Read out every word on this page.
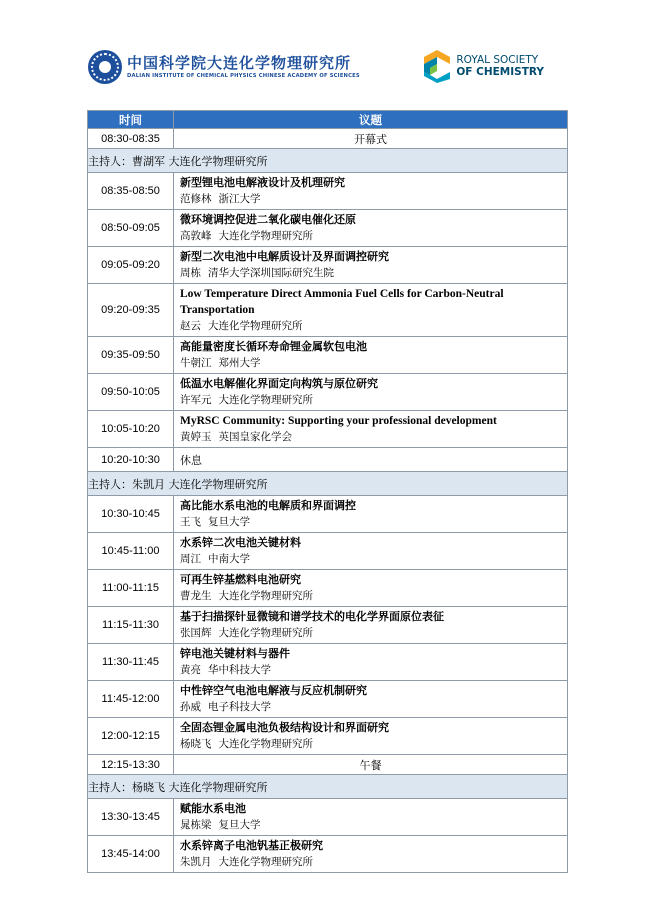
中国科学院大连化学物理研究所
DALIAN INSTITUTE OF CHEMICAL PHYSICS CHINESE ACADEMY OF SCIENCES
ROYAL SOCIETY
OF CHEMISTRY
时间	议题
08:30-08:35	开幕式
主持人：曹湖军 大连化学物理研究所	
08:35-08:50	新型锂电池电解液设计及机理研究
范修林 浙江大学

08:50-09:05	微环境调控促进二氧化碳电催化还原
高敦峰 大连化学物理研究所

09:05-09:20	新型二次电池中电解质设计及界面调控研究
周栋 清华大学深圳国际研究生院

09:20-09:35	Low Temperature Direct Ammonia Fuel Cells for Carbon-Neutral Transportation
赵云 大连化学物理研究所

09:35-09:50	高能量密度长循环寿命锂金属软包电池
牛朝江 郑州大学

09:50-10:05	低温水电解催化界面定向构筑与原位研究
许军元 大连化学物理研究所

10:05-10:20	MyRSC Community: Supporting your professional development
黄婷玉 英国皇家化学会

10:20-10:30	休息
主持人：朱凯月 大连化学物理研究所	
10:30-10:45	高比能水系电池的电解质和界面调控
王飞 复旦大学

10:45-11:00	水系锌二次电池关键材料
周江 中南大学

11:00-11:15	可再生锌基燃料电池研究
曹龙生 大连化学物理研究所

11:15-11:30	基于扫描探针显微镜和谱学技术的电化学界面原位表征
张国辉 大连化学物理研究所

11:30-11:45	锌电池关键材料与器件
黄亮 华中科技大学

11:45-12:00	中性锌空气电池电解液与反应机制研究
孙威 电子科技大学

12:00-12:15	全固态锂金属电池负极结构设计和界面研究
杨晓飞 大连化学物理研究所

12:15-13:30	午餐
主持人：杨晓飞 大连化学物理研究所	
13:30-13:45	赋能水系电池
晁栋梁 复旦大学

13:45-14:00	水系锌离子电池钒基正极研究
朱凯月 大连化学物理研究所
